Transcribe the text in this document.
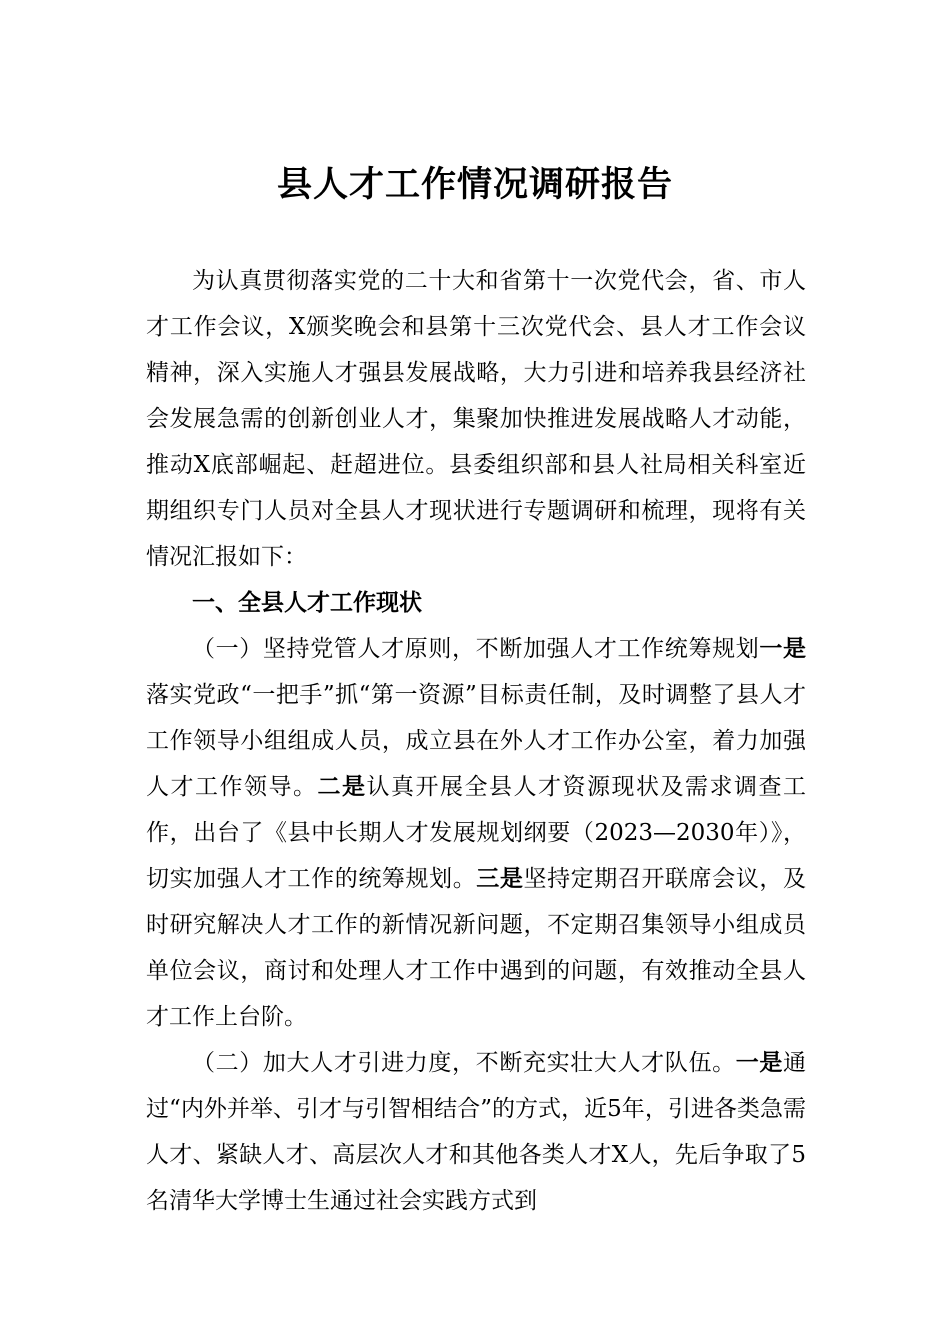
县人才工作情况调研报告

为认真贯彻落实党的二十大和省第十一次党代会，省、市人才工作会议，X颁奖晚会和县第十三次党代会、县人才工作会议精神，深入实施人才强县发展战略，大力引进和培养我县经济社会发展急需的创新创业人才，集聚加快推进发展战略人才动能，推动X底部崛起、赶超进位。县委组织部和县人社局相关科室近期组织专门人员对全县人才现状进行专题调研和梳理，现将有关情况汇报如下：

一、全县人才工作现状

（一）坚持党管人才原则，不断加强人才工作统筹规划一是落实党政“一把手”抓“第一资源”目标责任制，及时调整了县人才工作领导小组组成人员，成立县在外人才工作办公室，着力加强人才工作领导。二是认真开展全县人才资源现状及需求调查工作，出台了《县中长期人才发展规划纲要（2023—2030年）》，切实加强人才工作的统筹规划。三是坚持定期召开联席会议，及时研究解决人才工作的新情况新问题，不定期召集领导小组成员单位会议，商讨和处理人才工作中遇到的问题，有效推动全县人才工作上台阶。

（二）加大人才引进力度，不断充实壮大人才队伍。一是通过“内外并举、引才与引智相结合”的方式，近5年，引进各类急需人才、紧缺人才、高层次人才和其他各类人才X人，先后争取了5名清华大学博士生通过社会实践方式到
